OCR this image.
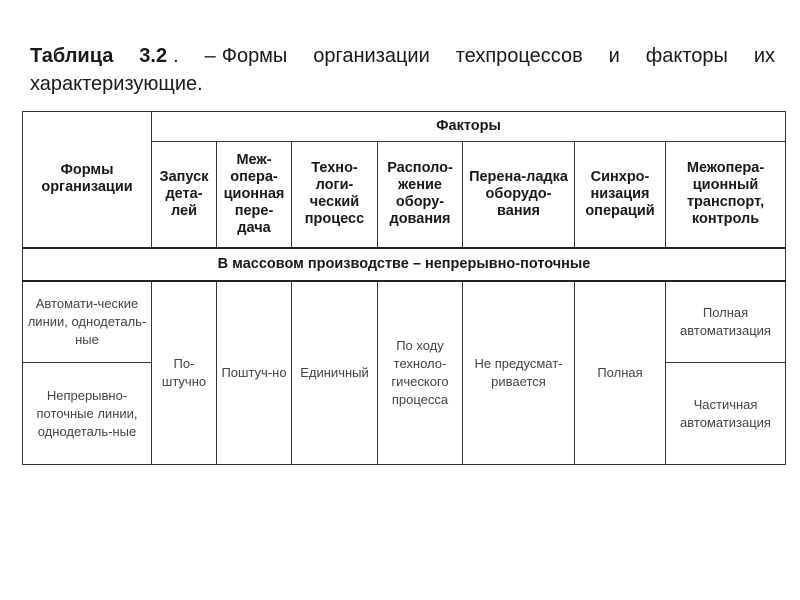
Таблица 3.2 . – Формы организации техпроцессов и факторы их характеризующие.
Формы организации	Факторы						
	Запуск дета-лей	Меж-опера-ционная пере-дача	Техно-логи-ческий процесс	Располо-жение обору-дования	Перена-ладка оборудо-вания	Синхро-низация операций	Межопера-ционный транспорт, контроль
В массовом производстве – непрерывно-поточные							
Автомати-ческие линии, однодеталь-ные	По-штучно	Поштуч-но	Единичный	По ходу техноло-гического процесса	Не предусмат-ривается	Полная	Полная автоматизация
Непрерывно-поточные линии, однодеталь-ные							Частичная автоматизация
